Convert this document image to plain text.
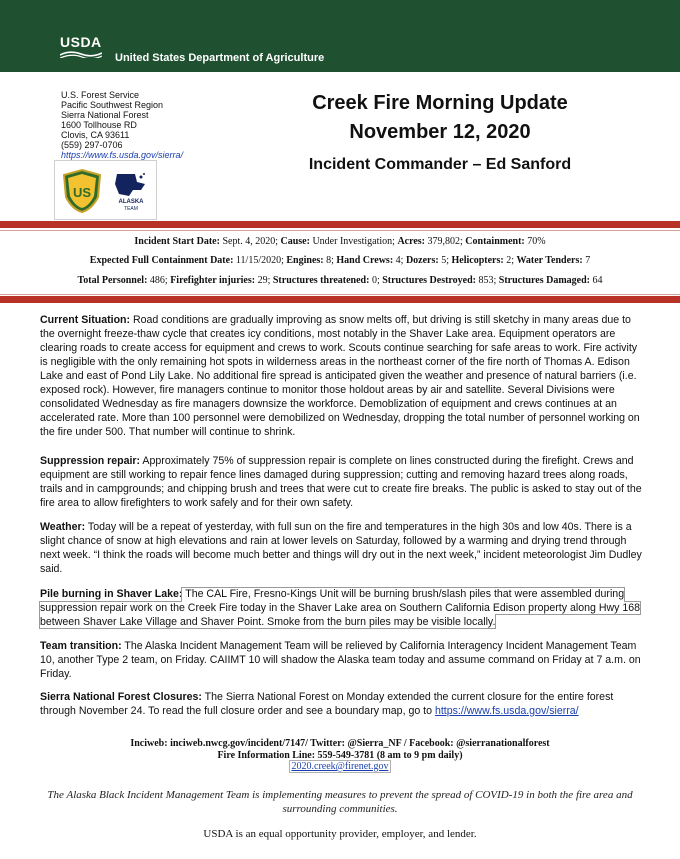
USDA
United States Department of Agriculture
U.S. Forest Service
Pacific Southwest Region
Sierra National Forest
1600 Tollhouse RD
Clovis, CA 93611
(559) 297-0706
https://www.fs.usda.gov/sierra/
US
ALASKA
TEAM
Creek Fire Morning Update
November 12, 2020
Incident Commander – Ed Sanford
Incident Start Date: Sept. 4, 2020; Cause: Under Investigation; Acres: 379,802; Containment: 70%
Expected Full Containment Date: 11/15/2020; Engines: 8; Hand Crews: 4; Dozers: 5; Helicopters: 2; Water Tenders: 7
Total Personnel: 486; Firefighter injuries: 29; Structures threatened: 0; Structures Destroyed: 853; Structures Damaged: 64
Current Situation: Road conditions are gradually improving as snow melts off, but driving is still sketchy in many areas due to the overnight freeze-thaw cycle that creates icy conditions, most notably in the Shaver Lake area. Equipment operators are clearing roads to create access for equipment and crews to work. Scouts continue searching for safe areas to work. Fire activity is negligible with the only remaining hot spots in wilderness areas in the northeast corner of the fire north of Thomas A. Edison Lake and east of Pond Lily Lake. No additional fire spread is anticipated given the weather and presence of natural barriers (i.e. exposed rock). However, fire managers continue to monitor those holdout areas by air and satellite. Several Divisions were consolidated Wednesday as fire managers downsize the workforce. Demoblization of equipment and crews continues at an accelerated rate. More than 100 personnel were demobilized on Wednesday, dropping the total number of personnel working on the fire under 500. That number will continue to shrink.
Suppression repair: Approximately 75% of suppression repair is complete on lines constructed during the firefight. Crews and equipment are still working to repair fence lines damaged during suppression; cutting and removing hazard trees along roads, trails and in campgrounds; and chipping brush and trees that were cut to create fire breaks. The public is asked to stay out of the fire area to allow firefighters to work safely and for their own safety.
Weather: Today will be a repeat of yesterday, with full sun on the fire and temperatures in the high 30s and low 40s. There is a slight chance of snow at high elevations and rain at lower levels on Saturday, followed by a warming and drying trend through next week. “I think the roads will become much better and things will dry out in the next week,” incident meteorologist Jim Dudley said.
Pile burning in Shaver Lake: The CAL Fire, Fresno-Kings Unit will be burning brush/slash piles that were assembled during suppression repair work on the Creek Fire today in the Shaver Lake area on Southern California Edison property along Hwy 168 between Shaver Lake Village and Shaver Point. Smoke from the burn piles may be visible locally.
Team transition: The Alaska Incident Management Team will be relieved by California Interagency Incident Management Team 10, another Type 2 team, on Friday. CAIIMT 10 will shadow the Alaska team today and assume command on Friday at 7 a.m. on Friday.
Sierra National Forest Closures: The Sierra National Forest on Monday extended the current closure for the entire forest through November 24. To read the full closure order and see a boundary map, go to https://www.fs.usda.gov/sierra/
Inciweb: inciweb.nwcg.gov/incident/7147/ Twitter: @Sierra_NF / Facebook: @sierranationalforest
Fire Information Line: 559-549-3781 (8 am to 9 pm daily)
2020.creek@firenet.gov
The Alaska Black Incident Management Team is implementing measures to prevent the spread of COVID-19 in both the fire area and surrounding communities.
USDA is an equal opportunity provider, employer, and lender.
